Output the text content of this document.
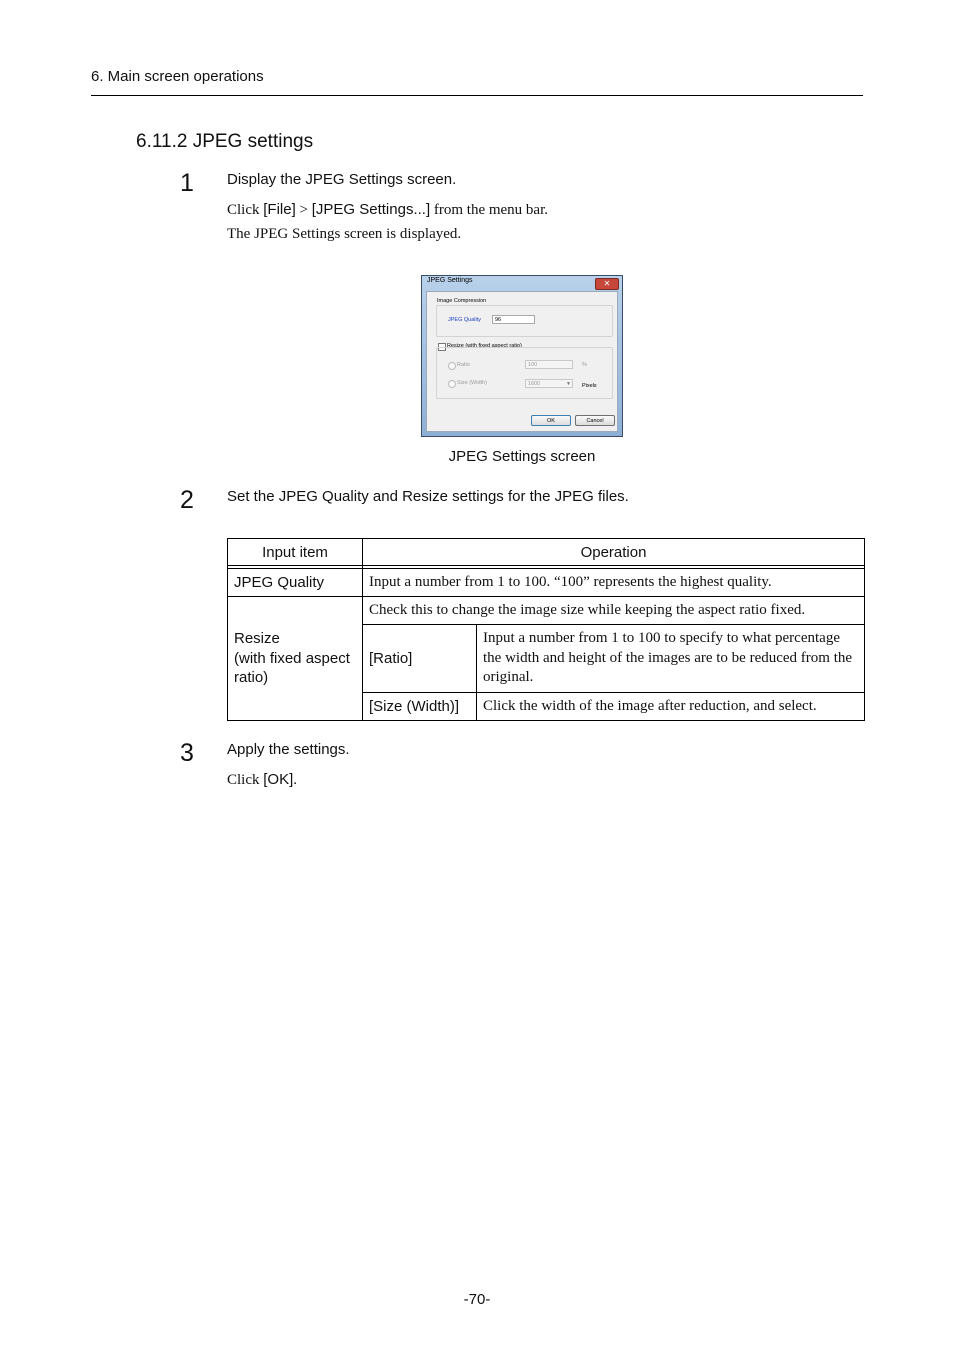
6. Main screen operations
6.11.2 JPEG settings
1 Display the JPEG Settings screen.
Click [File] > [JPEG Settings...] from the menu bar.
The JPEG Settings screen is displayed.
JPEG Settings	✕
Image Compression
JPEG Quality	96
Resize (with fixed aspect ratio)
Ratio	100	%
Size (Width)	1600	▼ Pixels
OK	Cancel
JPEG Settings screen
2 Set the JPEG Quality and Resize settings for the JPEG files.
Input item	Operation	

JPEG Quality	Input a number from 1 to 100. “100” represents the highest quality.	
Resize
(with fixed aspect
ratio)	Check this to change the image size while keeping the aspect ratio fixed.	
	[Ratio]	Input a number from 1 to 100 to specify to what percentage the width and height of the images are to be reduced from the original.
	[Size (Width)]	Click the width of the image after reduction, and select.
3 Apply the settings.
Click [OK].
-70-
